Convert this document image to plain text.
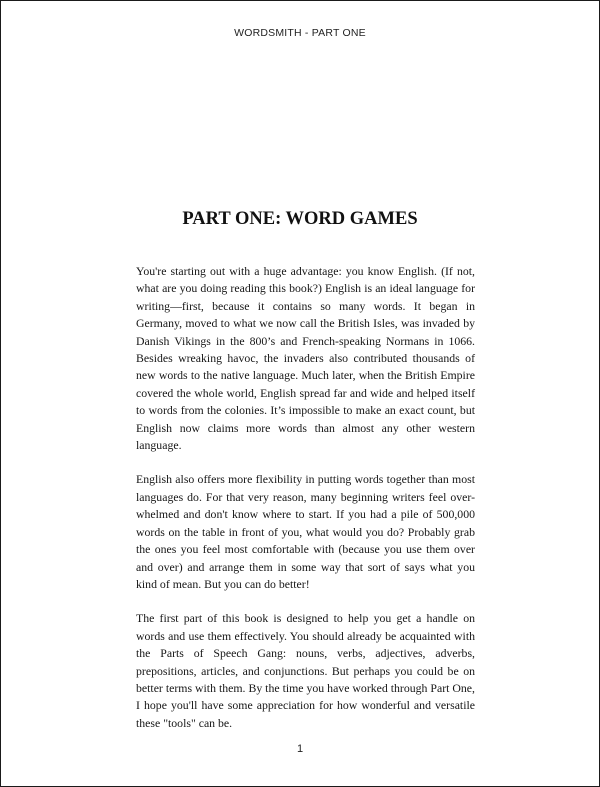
WORDSMITH - PART ONE
PART ONE: WORD GAMES

You're starting out with a huge advantage: you know English. (If not, what are you doing reading this book?) English is an ideal language for writing—first, because it contains so many words. It began in Germany, moved to what we now call the British Isles, was invaded by Danish Vikings in the 800’s and French-speaking Normans in 1066. Besides wreaking havoc, the invaders also contributed thousands of new words to the native language. Much later, when the British Empire covered the whole world, English spread far and wide and helped itself to words from the colonies. It’s impossible to make an exact count, but English now claims more words than almost any other western language.

English also offers more flexibility in putting words together than most languages do. For that very reason, many beginning writers feel over-whelmed and don't know where to start. If you had a pile of 500,000 words on the table in front of you, what would you do? Probably grab the ones you feel most comfortable with (because you use them over and over) and arrange them in some way that sort of says what you kind of mean. But you can do better!

The first part of this book is designed to help you get a handle on words and use them effectively. You should already be acquainted with the Parts of Speech Gang: nouns, verbs, adjectives, adverbs, prepositions, articles, and conjunctions. But perhaps you could be on better terms with them. By the time you have worked through Part One, I hope you'll have some appreciation for how wonderful and versatile these "tools" can be.

1
